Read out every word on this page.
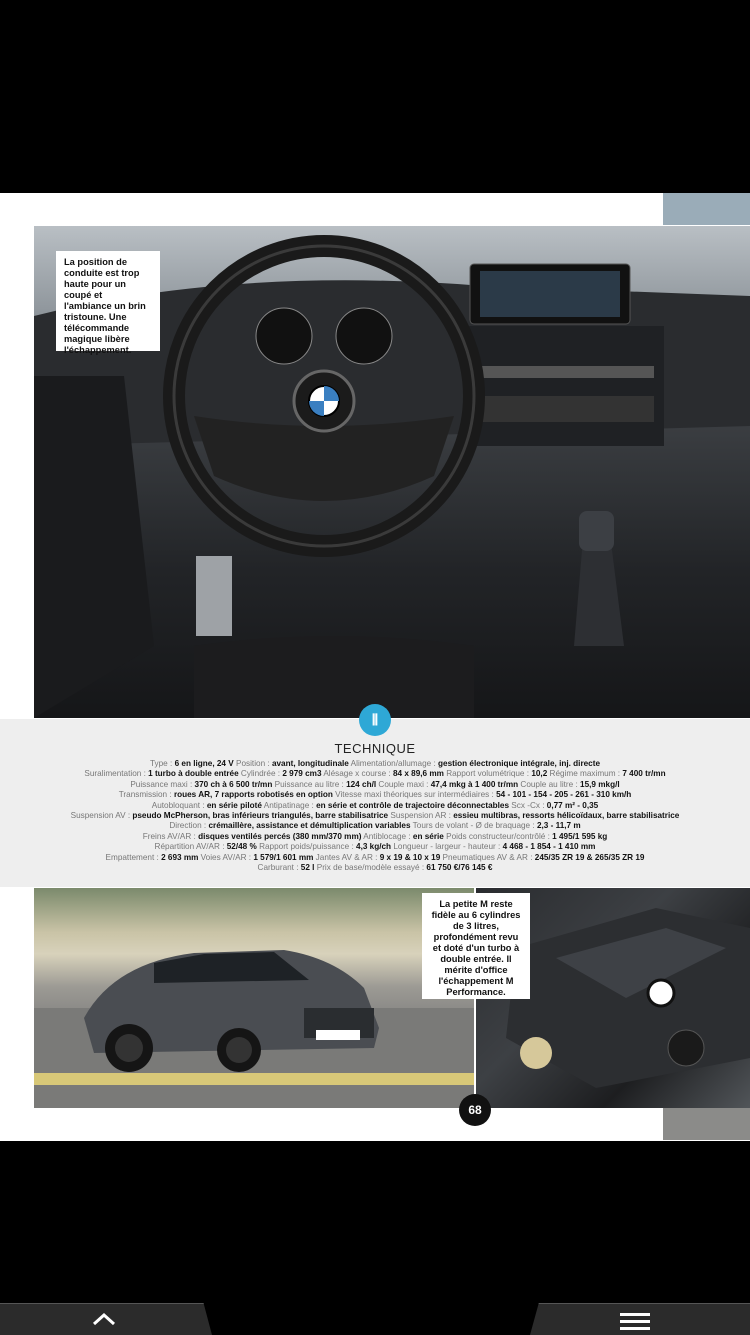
La position de conduite est trop haute pour un coupé et l'ambiance un brin tristoune. Une télécommande magique libère l'échappement.
⫼
TECHNIQUE
Type : 6 en ligne, 24 V Position : avant, longitudinale Alimentation/allumage : gestion électronique intégrale, inj. directe
Suralimentation : 1 turbo à double entrée Cylindrée : 2 979 cm3 Alésage x course : 84 x 89,6 mm Rapport volumétrique : 10,2 Régime maximum : 7 400 tr/mn
Puissance maxi : 370 ch à 6 500 tr/mn Puissance au litre : 124 ch/l Couple maxi : 47,4 mkg à 1 400 tr/mn Couple au litre : 15,9 mkg/l
Transmission : roues AR, 7 rapports robotisés en option Vitesse maxi théoriques sur intermédiaires : 54 - 101 - 154 - 205 - 261 - 310 km/h
Autobloquant : en série piloté Antipatinage : en série et contrôle de trajectoire déconnectables Scx -Cx : 0,77 m² - 0,35
Suspension AV : pseudo McPherson, bras inférieurs triangulés, barre stabilisatrice Suspension AR : essieu multibras, ressorts hélicoïdaux, barre stabilisatrice
Direction : crémaillère, assistance et démultiplication variables Tours de volant - Ø de braquage : 2,3 - 11,7 m
Freins AV/AR : disques ventilés percés (380 mm/370 mm) Antiblocage : en série Poids constructeur/contrôlé : 1 495/1 595 kg
Répartition AV/AR : 52/48 % Rapport poids/puissance : 4,3 kg/ch Longueur - largeur - hauteur : 4 468 - 1 854 - 1 410 mm
Empattement : 2 693 mm Voies AV/AR : 1 579/1 601 mm Jantes AV & AR : 9 x 19 & 10 x 19 Pneumatiques AV & AR : 245/35 ZR 19 & 265/35 ZR 19
Carburant : 52 l Prix de base/modèle essayé : 61 750 €/76 145 €
La petite M reste fidèle au 6 cylindres de 3 litres, profondément revu et doté d'un turbo à double entrée. Il mérite d'office l'échappement M Performance.
68
